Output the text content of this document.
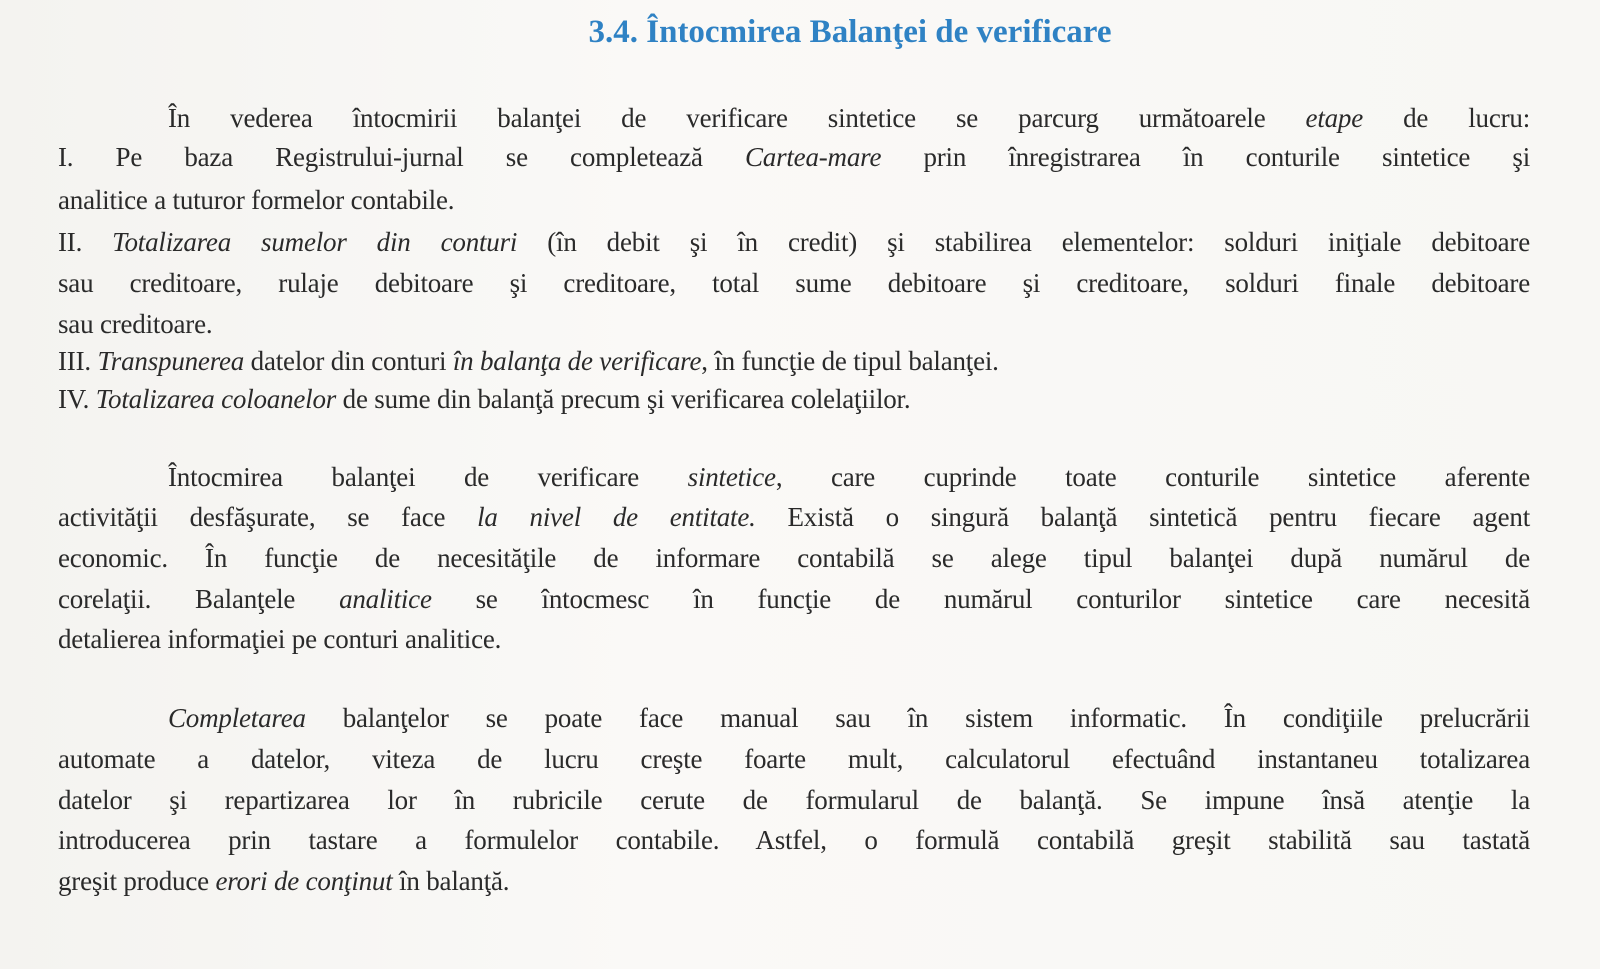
3.4. Întocmirea Balanţei de verificare
În vederea întocmirii balanţei de verificare sintetice se parcurg următoarele etape de lucru:
I. Pe baza Registrului-jurnal se completează Cartea-mare prin înregistrarea în conturile sintetice şi
analitice a tuturor formelor contabile.
II. Totalizarea sumelor din conturi (în debit şi în credit) şi stabilirea elementelor: solduri iniţiale debitoare
sau creditoare, rulaje debitoare şi creditoare, total sume debitoare şi creditoare, solduri finale debitoare
sau creditoare.
III. Transpunerea datelor din conturi în balanţa de verificare, în funcţie de tipul balanţei.
IV. Totalizarea coloanelor de sume din balanţă precum şi verificarea colelaţiilor.
Întocmirea balanţei de verificare sintetice, care cuprinde toate conturile sintetice aferente
activităţii desfăşurate, se face la nivel de entitate. Există o singură balanţă sintetică pentru fiecare agent
economic. În funcţie de necesităţile de informare contabilă se alege tipul balanţei după numărul de
corelaţii. Balanţele analitice se întocmesc în funcţie de numărul conturilor sintetice care necesită
detalierea informaţiei pe conturi analitice.
Completarea balanţelor se poate face manual sau în sistem informatic. În condiţiile prelucrării
automate a datelor, viteza de lucru creşte foarte mult, calculatorul efectuând instantaneu totalizarea
datelor şi repartizarea lor în rubricile cerute de formularul de balanţă. Se impune însă atenţie la
introducerea prin tastare a formulelor contabile. Astfel, o formulă contabilă greşit stabilită sau tastată
greşit produce erori de conţinut în balanţă.
